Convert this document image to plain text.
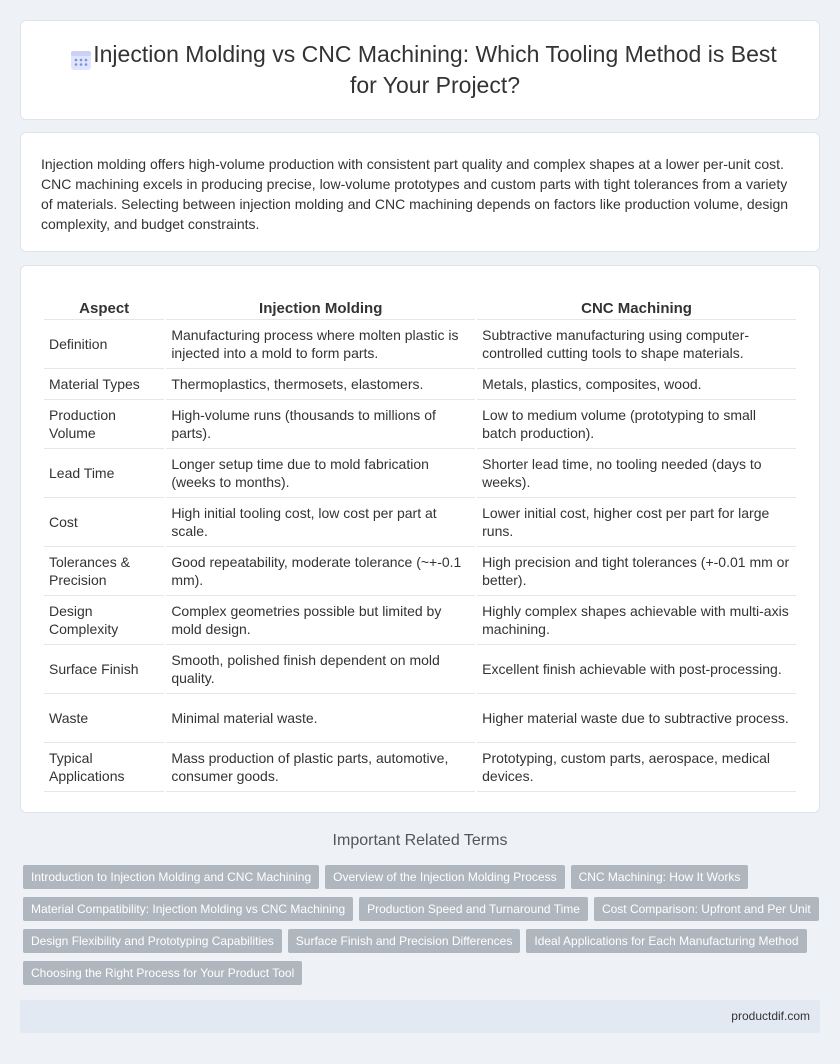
Injection Molding vs CNC Machining: Which Tooling Method is Best for Your Project?

Injection molding offers high-volume production with consistent part quality and complex shapes at a lower per-unit cost. CNC machining excels in producing precise, low-volume prototypes and custom parts with tight tolerances from a variety of materials. Selecting between injection molding and CNC machining depends on factors like production volume, design complexity, and budget constraints.

Aspect	Injection Molding	CNC Machining
Definition	Manufacturing process where molten plastic is injected into a mold to form parts.	Subtractive manufacturing using computer-controlled cutting tools to shape materials.
Material Types	Thermoplastics, thermosets, elastomers.	Metals, plastics, composites, wood.
Production Volume	High-volume runs (thousands to millions of parts).	Low to medium volume (prototyping to small batch production).
Lead Time	Longer setup time due to mold fabrication (weeks to months).	Shorter lead time, no tooling needed (days to weeks).
Cost	High initial tooling cost, low cost per part at scale.	Lower initial cost, higher cost per part for large runs.
Tolerances & Precision	Good repeatability, moderate tolerance (~+-0.1 mm).	High precision and tight tolerances (+-0.01 mm or better).
Design Complexity	Complex geometries possible but limited by mold design.	Highly complex shapes achievable with multi-axis machining.
Surface Finish	Smooth, polished finish dependent on mold quality.	Excellent finish achievable with post-processing.
Waste	Minimal material waste.	Higher material waste due to subtractive process.
Typical Applications	Mass production of plastic parts, automotive, consumer goods.	Prototyping, custom parts, aerospace, medical devices.
Important Related Terms
Introduction to Injection Molding and CNC Machining	Overview of the Injection Molding Process	CNC Machining: How It Works
Material Compatibility: Injection Molding vs CNC Machining	Production Speed and Turnaround Time	Cost Comparison: Upfront and Per Unit
Design Flexibility and Prototyping Capabilities	Surface Finish and Precision Differences	Ideal Applications for Each Manufacturing Method
Choosing the Right Process for Your Product Tool
productdif.com
